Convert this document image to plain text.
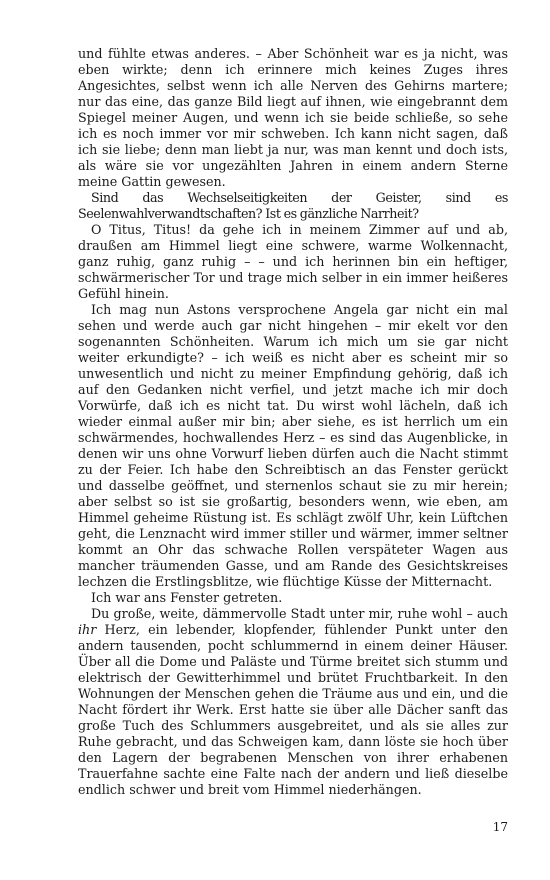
und fühlte etwas anderes. – Aber Schönheit war es ja nicht, was eben wirkte; denn ich erinnere mich keines Zuges ihres Angesichtes, selbst wenn ich alle Nerven des Gehirns martere; nur das eine, das ganze Bild liegt auf ihnen, wie eingebrannt dem Spiegel meiner Augen, und wenn ich sie beide schließe, so sehe ich es noch immer vor mir schweben. Ich kann nicht sagen, daß ich sie liebe; denn man liebt ja nur, was man kennt und doch ists, als wäre sie vor ungezählten Jahren in einem andern Sterne meine Gattin gewesen.

Sind das Wechselseitigkeiten der Geister, sind es Seelenwahlverwandtschaften? Ist es gänzliche Narrheit?

O Titus, Titus! da gehe ich in meinem Zimmer auf und ab, draußen am Himmel liegt eine schwere, warme Wolkennacht, ganz ruhig, ganz ruhig – – und ich herinnen bin ein heftiger, schwärmerischer Tor und trage mich selber in ein immer heißeres Gefühl hinein.

Ich mag nun Astons versprochene Angela gar nicht ein mal sehen und werde auch gar nicht hingehen – mir ekelt vor den sogenannten Schönheiten. Warum ich mich um sie gar nicht weiter erkundigte? – ich weiß es nicht aber es scheint mir so unwesentlich und nicht zu meiner Empfindung gehörig, daß ich auf den Gedanken nicht verfiel, und jetzt mache ich mir doch Vorwürfe, daß ich es nicht tat. Du wirst wohl lächeln, daß ich wieder einmal außer mir bin; aber siehe, es ist herrlich um ein schwärmendes, hochwallendes Herz – es sind das Augenblicke, in denen wir uns ohne Vorwurf lieben dürfen auch die Nacht stimmt zu der Feier. Ich habe den Schreibtisch an das Fenster gerückt und dasselbe geöffnet, und sternenlos schaut sie zu mir herein; aber selbst so ist sie großartig, besonders wenn, wie eben, am Himmel geheime Rüstung ist. Es schlägt zwölf Uhr, kein Lüftchen geht, die Lenznacht wird immer stiller und wärmer, immer seltner kommt an Ohr das schwache Rollen verspäteter Wagen aus mancher träumenden Gasse, und am Rande des Gesichtskreises lechzen die Erstlingsblitze, wie flüchtige Küsse der Mitternacht.

Ich war ans Fenster getreten.

Du große, weite, dämmervolle Stadt unter mir, ruhe wohl – auch ihr Herz, ein lebender, klopfender, fühlender Punkt unter den andern tausenden, pocht schlummernd in einem deiner Häuser. Über all die Dome und Paläste und Türme breitet sich stumm und elektrisch der Gewitterhimmel und brütet Fruchtbarkeit. In den Wohnungen der Menschen gehen die Träume aus und ein, und die Nacht fördert ihr Werk. Erst hatte sie über alle Dächer sanft das große Tuch des Schlummers ausgebreitet, und als sie alles zur Ruhe gebracht, und das Schweigen kam, dann löste sie hoch über den Lagern der begrabenen Menschen von ihrer erhabenen Trauerfahne sachte eine Falte nach der andern und ließ dieselbe endlich schwer und breit vom Himmel niederhängen.

17
